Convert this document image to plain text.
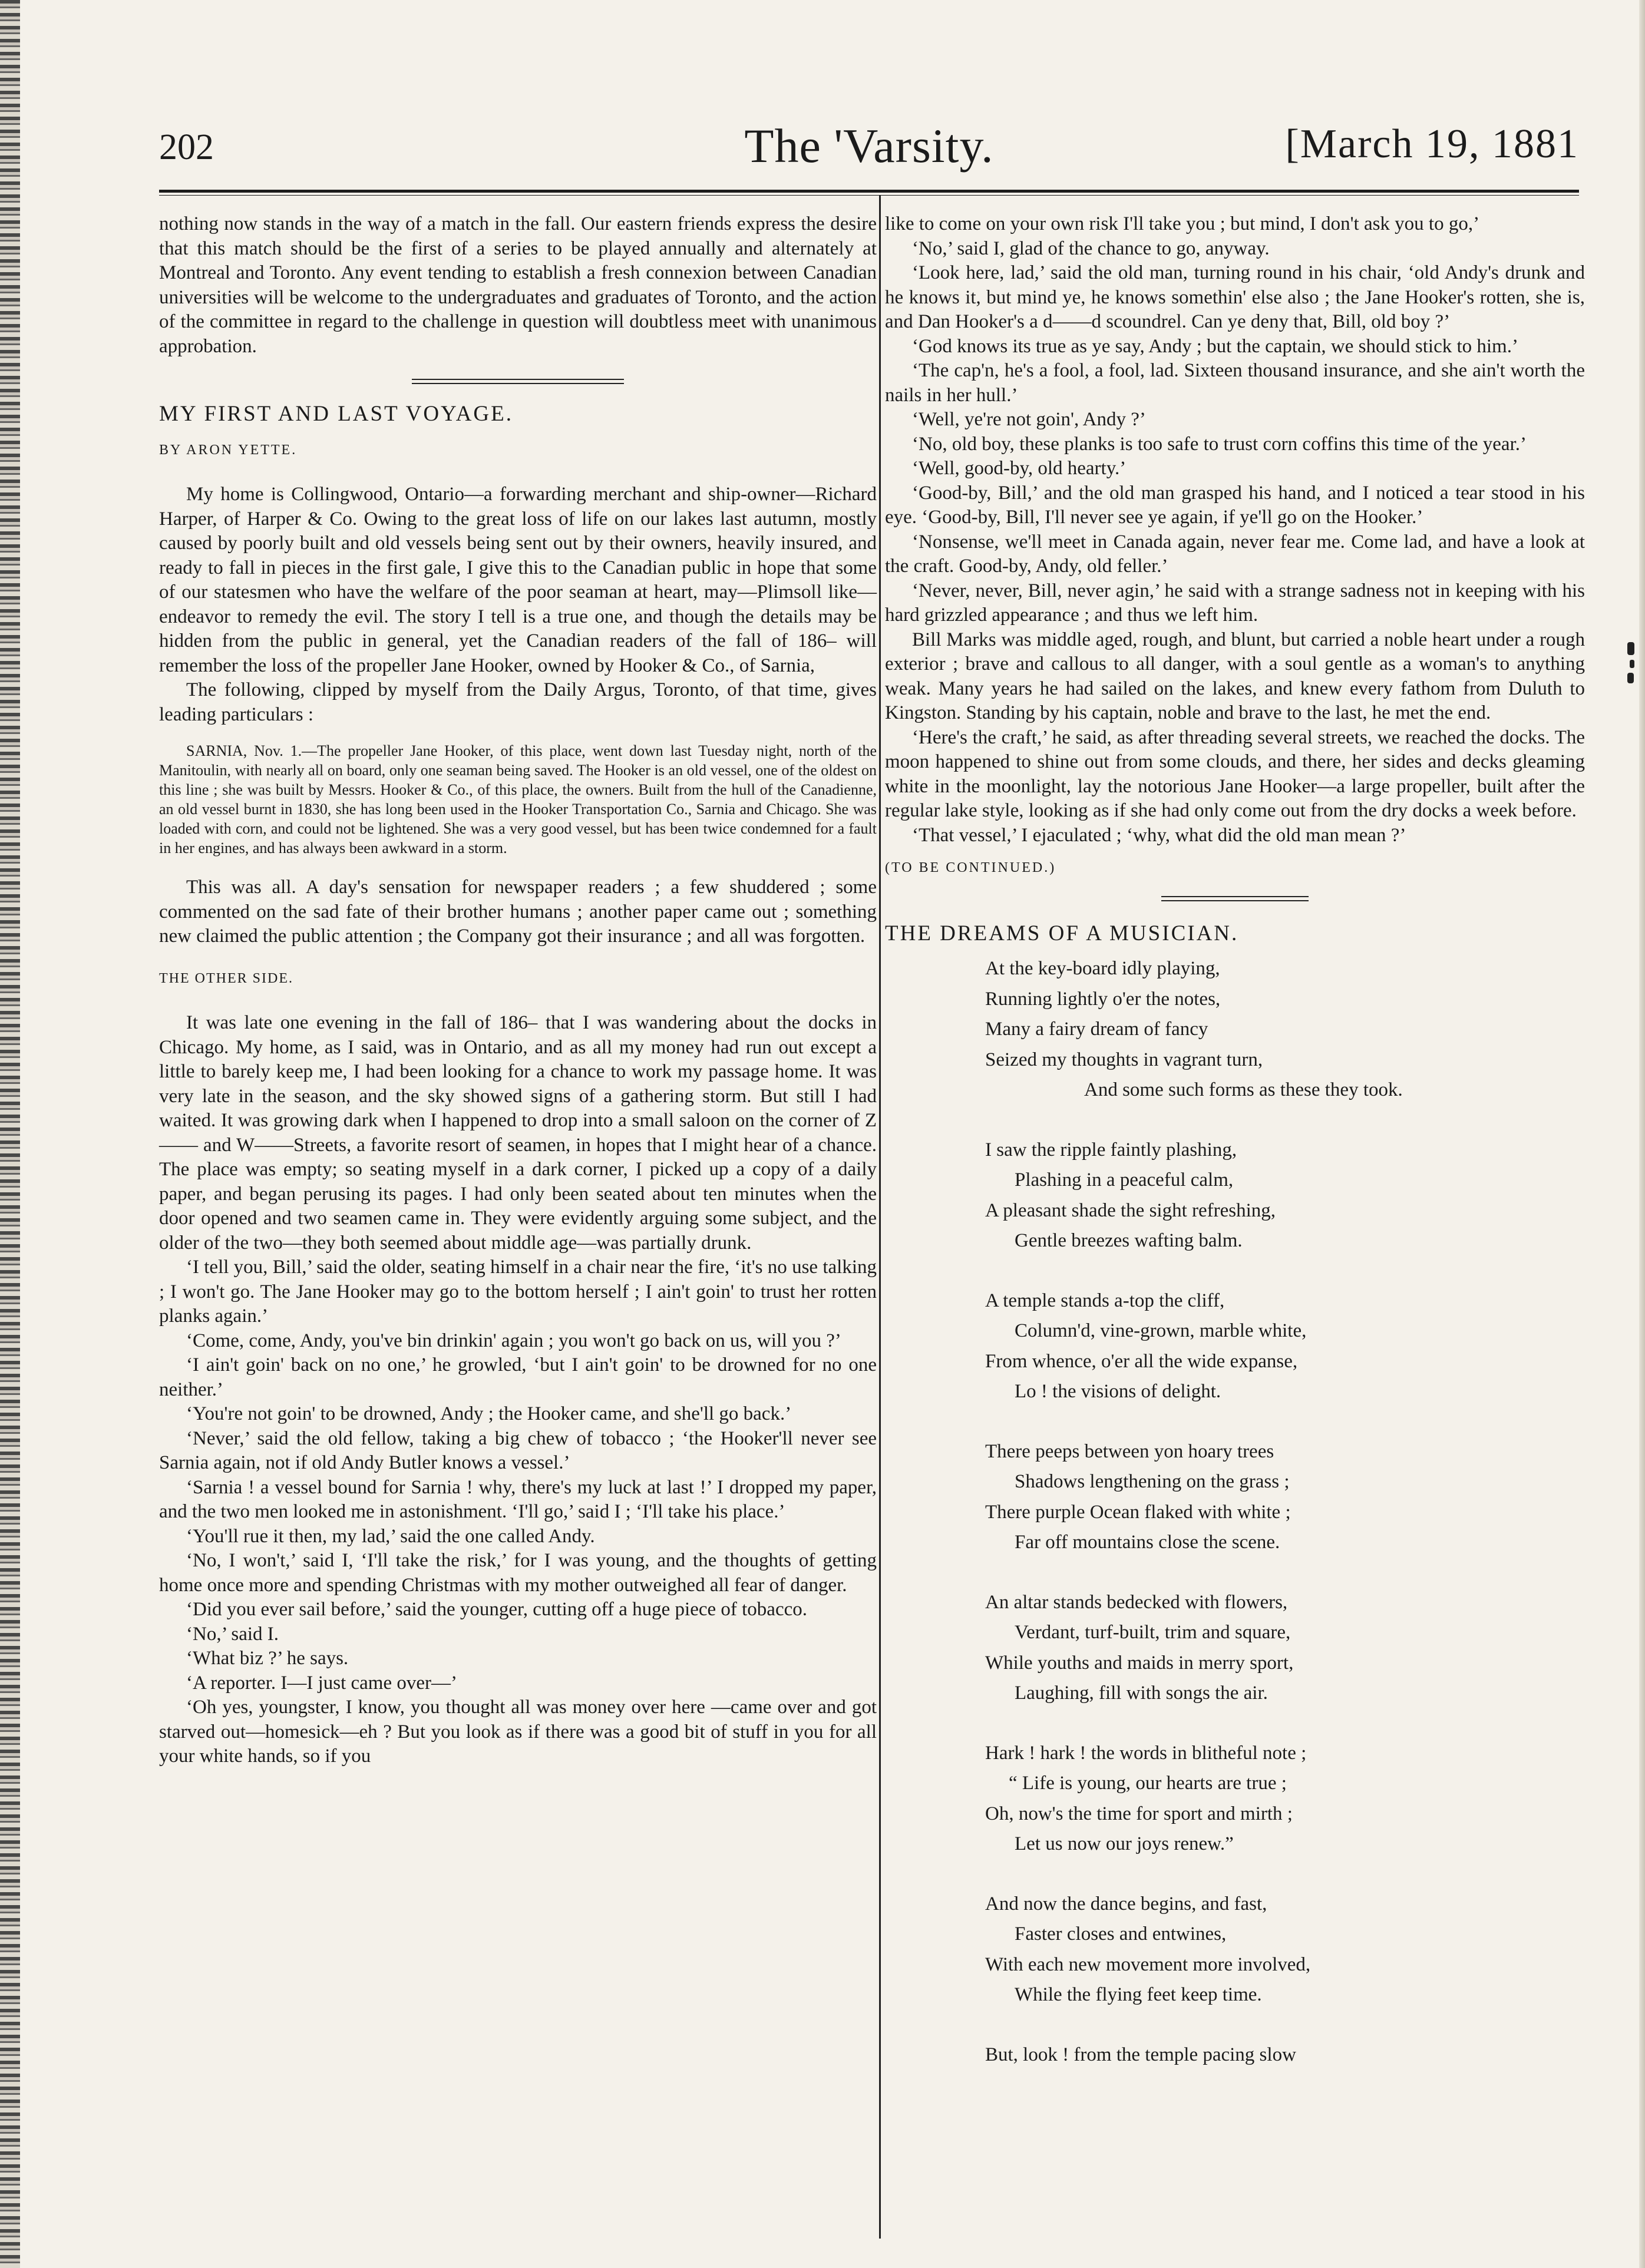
The 'Varsity.
202	[March 19, 1881

nothing now stands in the way of a match in the fall. Our eastern friends express the desire that this match should be the first of a series to be played annually and alternately at Montreal and Toronto. Any event tending to establish a fresh connexion between Canadian universities will be welcome to the undergraduates and graduates of Toronto, and the action of the committee in regard to the challenge in question will doubtless meet with unanimous approbation.

MY FIRST AND LAST VOYAGE.

BY ARON YETTE.

My home is Collingwood, Ontario—a forwarding merchant and ship-owner—Richard Harper, of Harper & Co. Owing to the great loss of life on our lakes last autumn, mostly caused by poorly built and old vessels being sent out by their owners, heavily insured, and ready to fall in pieces in the first gale, I give this to the Canadian public in hope that some of our statesmen who have the welfare of the poor seaman at heart, may—Plimsoll like—endeavor to remedy the evil. The story I tell is a true one, and though the details may be hidden from the public in general, yet the Canadian readers of the fall of 186– will remember the loss of the propeller Jane Hooker, owned by Hooker & Co., of Sarnia,

The following, clipped by myself from the Daily Argus, Toronto, of that time, gives leading particulars :

SARNIA, Nov. 1.—The propeller Jane Hooker, of this place, went down last Tuesday night, north of the Manitoulin, with nearly all on board, only one seaman being saved. The Hooker is an old vessel, one of the oldest on this line ; she was built by Messrs. Hooker & Co., of this place, the owners. Built from the hull of the Canadienne, an old vessel burnt in 1830, she has long been used in the Hooker Transportation Co., Sarnia and Chicago. She was loaded with corn, and could not be lightened. She was a very good vessel, but has been twice condemned for a fault in her engines, and has always been awkward in a storm.

This was all. A day's sensation for newspaper readers ; a few shuddered ; some commented on the sad fate of their brother humans ; another paper came out ; something new claimed the public attention ; the Company got their insurance ; and all was forgotten.

THE OTHER SIDE.

It was late one evening in the fall of 186– that I was wandering about the docks in Chicago. My home, as I said, was in Ontario, and as all my money had run out except a little to barely keep me, I had been looking for a chance to work my passage home. It was very late in the season, and the sky showed signs of a gathering storm. But still I had waited. It was growing dark when I happened to drop into a small saloon on the corner of Z—— and W——Streets, a favorite resort of seamen, in hopes that I might hear of a chance. The place was empty; so seating myself in a dark corner, I picked up a copy of a daily paper, and began perusing its pages. I had only been seated about ten minutes when the door opened and two seamen came in. They were evidently arguing some subject, and the older of the two—they both seemed about middle age—was partially drunk.

‘I tell you, Bill,’ said the older, seating himself in a chair near the fire, ‘it's no use talking ; I won't go. The Jane Hooker may go to the bottom herself ; I ain't goin' to trust her rotten planks again.’

‘Come, come, Andy, you've bin drinkin' again ; you won't go back on us, will you ?’

‘I ain't goin' back on no one,’ he growled, ‘but I ain't goin' to be drowned for no one neither.’

‘You're not goin' to be drowned, Andy ; the Hooker came, and she'll go back.’

‘Never,’ said the old fellow, taking a big chew of tobacco ; ‘the Hooker'll never see Sarnia again, not if old Andy Butler knows a vessel.’

‘Sarnia ! a vessel bound for Sarnia ! why, there's my luck at last !’ I dropped my paper, and the two men looked me in astonishment. ‘I'll go,’ said I ; ‘I'll take his place.’

‘You'll rue it then, my lad,’ said the one called Andy.

‘No, I won't,’ said I, ‘I'll take the risk,’ for I was young, and the thoughts of getting home once more and spending Christmas with my mother outweighed all fear of danger.

‘Did you ever sail before,’ said the younger, cutting off a huge piece of tobacco.

‘No,’ said I.

‘What biz ?’ he says.

‘A reporter. I—I just came over—’

‘Oh yes, youngster, I know, you thought all was money over here —came over and got starved out—homesick—eh ? But you look as if there was a good bit of stuff in you for all your white hands, so if you

like to come on your own risk I'll take you ; but mind, I don't ask you to go,’

‘No,’ said I, glad of the chance to go, anyway.

‘Look here, lad,’ said the old man, turning round in his chair, ‘old Andy's drunk and he knows it, but mind ye, he knows somethin' else also ; the Jane Hooker's rotten, she is, and Dan Hooker's a d——d scoundrel. Can ye deny that, Bill, old boy ?’

‘God knows its true as ye say, Andy ; but the captain, we should stick to him.’

‘The cap'n, he's a fool, a fool, lad. Sixteen thousand insurance, and she ain't worth the nails in her hull.’

‘Well, ye're not goin', Andy ?’

‘No, old boy, these planks is too safe to trust corn coffins this time of the year.’

‘Well, good-by, old hearty.’

‘Good-by, Bill,’ and the old man grasped his hand, and I noticed a tear stood in his eye. ‘Good-by, Bill, I'll never see ye again, if ye'll go on the Hooker.’

‘Nonsense, we'll meet in Canada again, never fear me. Come lad, and have a look at the craft. Good-by, Andy, old feller.’

‘Never, never, Bill, never agin,’ he said with a strange sadness not in keeping with his hard grizzled appearance ; and thus we left him.

Bill Marks was middle aged, rough, and blunt, but carried a noble heart under a rough exterior ; brave and callous to all danger, with a soul gentle as a woman's to anything weak. Many years he had sailed on the lakes, and knew every fathom from Duluth to Kingston. Standing by his captain, noble and brave to the last, he met the end.

‘Here's the craft,’ he said, as after threading several streets, we reached the docks. The moon happened to shine out from some clouds, and there, her sides and decks gleaming white in the moonlight, lay the notorious Jane Hooker—a large propeller, built after the regular lake style, looking as if she had only come out from the dry docks a week before.

‘That vessel,’ I ejaculated ; ‘why, what did the old man mean ?’

(TO BE CONTINUED.)

THE DREAMS OF A MUSICIAN.

At the key-board idly playing,

Running lightly o'er the notes,

Many a fairy dream of fancy

Seized my thoughts in vagrant turn,

And some such forms as these they took.

I saw the ripple faintly plashing,

Plashing in a peaceful calm,

A pleasant shade the sight refreshing,

Gentle breezes wafting balm.

A temple stands a-top the cliff,

Column'd, vine-grown, marble white,

From whence, o'er all the wide expanse,

Lo ! the visions of delight.

There peeps between yon hoary trees

Shadows lengthening on the grass ;

There purple Ocean flaked with white ;

Far off mountains close the scene.

An altar stands bedecked with flowers,

Verdant, turf-built, trim and square,

While youths and maids in merry sport,

Laughing, fill with songs the air.

Hark ! hark ! the words in blitheful note ;

“ Life is young, our hearts are true ;

Oh, now's the time for sport and mirth ;

Let us now our joys renew.”

And now the dance begins, and fast,

Faster closes and entwines,

With each new movement more involved,

While the flying feet keep time.

But, look ! from the temple pacing slow
